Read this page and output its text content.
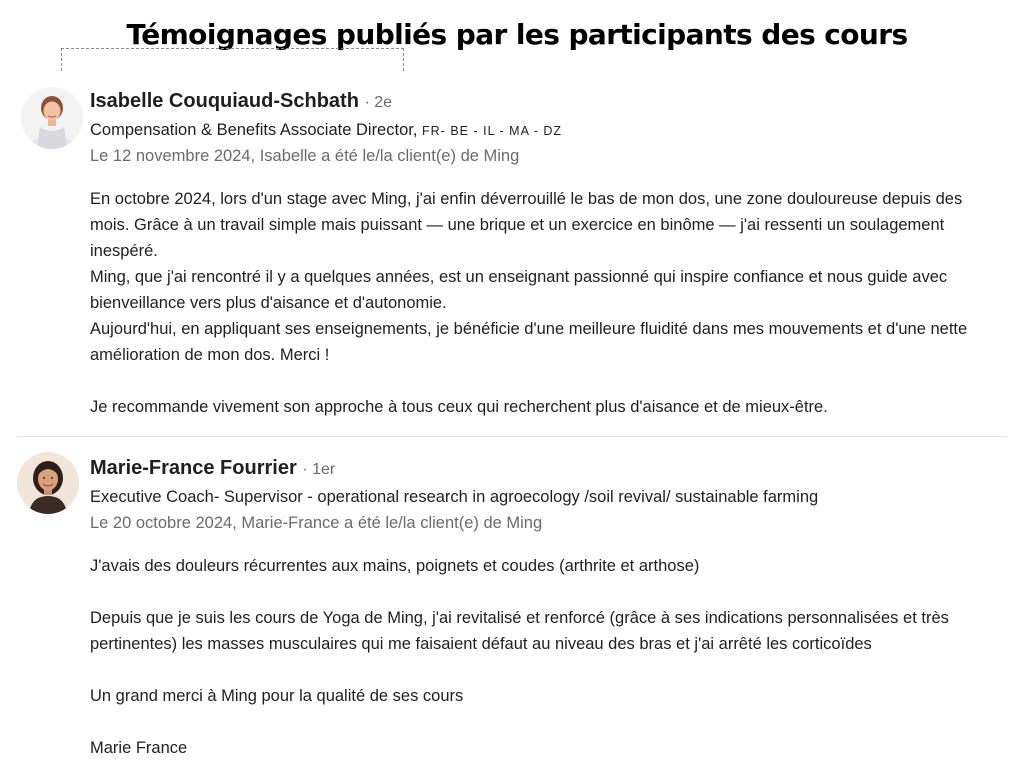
Témoignages publiés par les participants des cours
Isabelle Couquiaud-Schbath · 2e
Compensation & Benefits Associate Director, FR- BE - IL - MA - DZ
Le 12 novembre 2024, Isabelle a été le/la client(e) de Ming

En octobre 2024, lors d'un stage avec Ming, j'ai enfin déverrouillé le bas de mon dos, une zone douloureuse depuis des mois. Grâce à un travail simple mais puissant — une brique et un exercice en binôme — j'ai ressenti un soulagement inespéré.

Ming, que j'ai rencontré il y a quelques années, est un enseignant passionné qui inspire confiance et nous guide avec bienveillance vers plus d'aisance et d'autonomie.

Aujourd'hui, en appliquant ses enseignements, je bénéficie d'une meilleure fluidité dans mes mouvements et d'une nette amélioration de mon dos. Merci !

Je recommande vivement son approche à tous ceux qui recherchent plus d'aisance et de mieux-être.

Marie-France Fourrier · 1er
Executive Coach- Supervisor - operational research in agroecology /soil revival/ sustainable farming
Le 20 octobre 2024, Marie-France a été le/la client(e) de Ming

J'avais des douleurs récurrentes aux mains, poignets et coudes (arthrite et arthose)

Depuis que je suis les cours de Yoga de Ming, j'ai revitalisé et renforcé (grâce à ses indications personnalisées et très pertinentes) les masses musculaires qui me faisaient défaut au niveau des bras et j'ai arrêté les corticoïdes

Un grand merci à Ming pour la qualité de ses cours

Marie France
